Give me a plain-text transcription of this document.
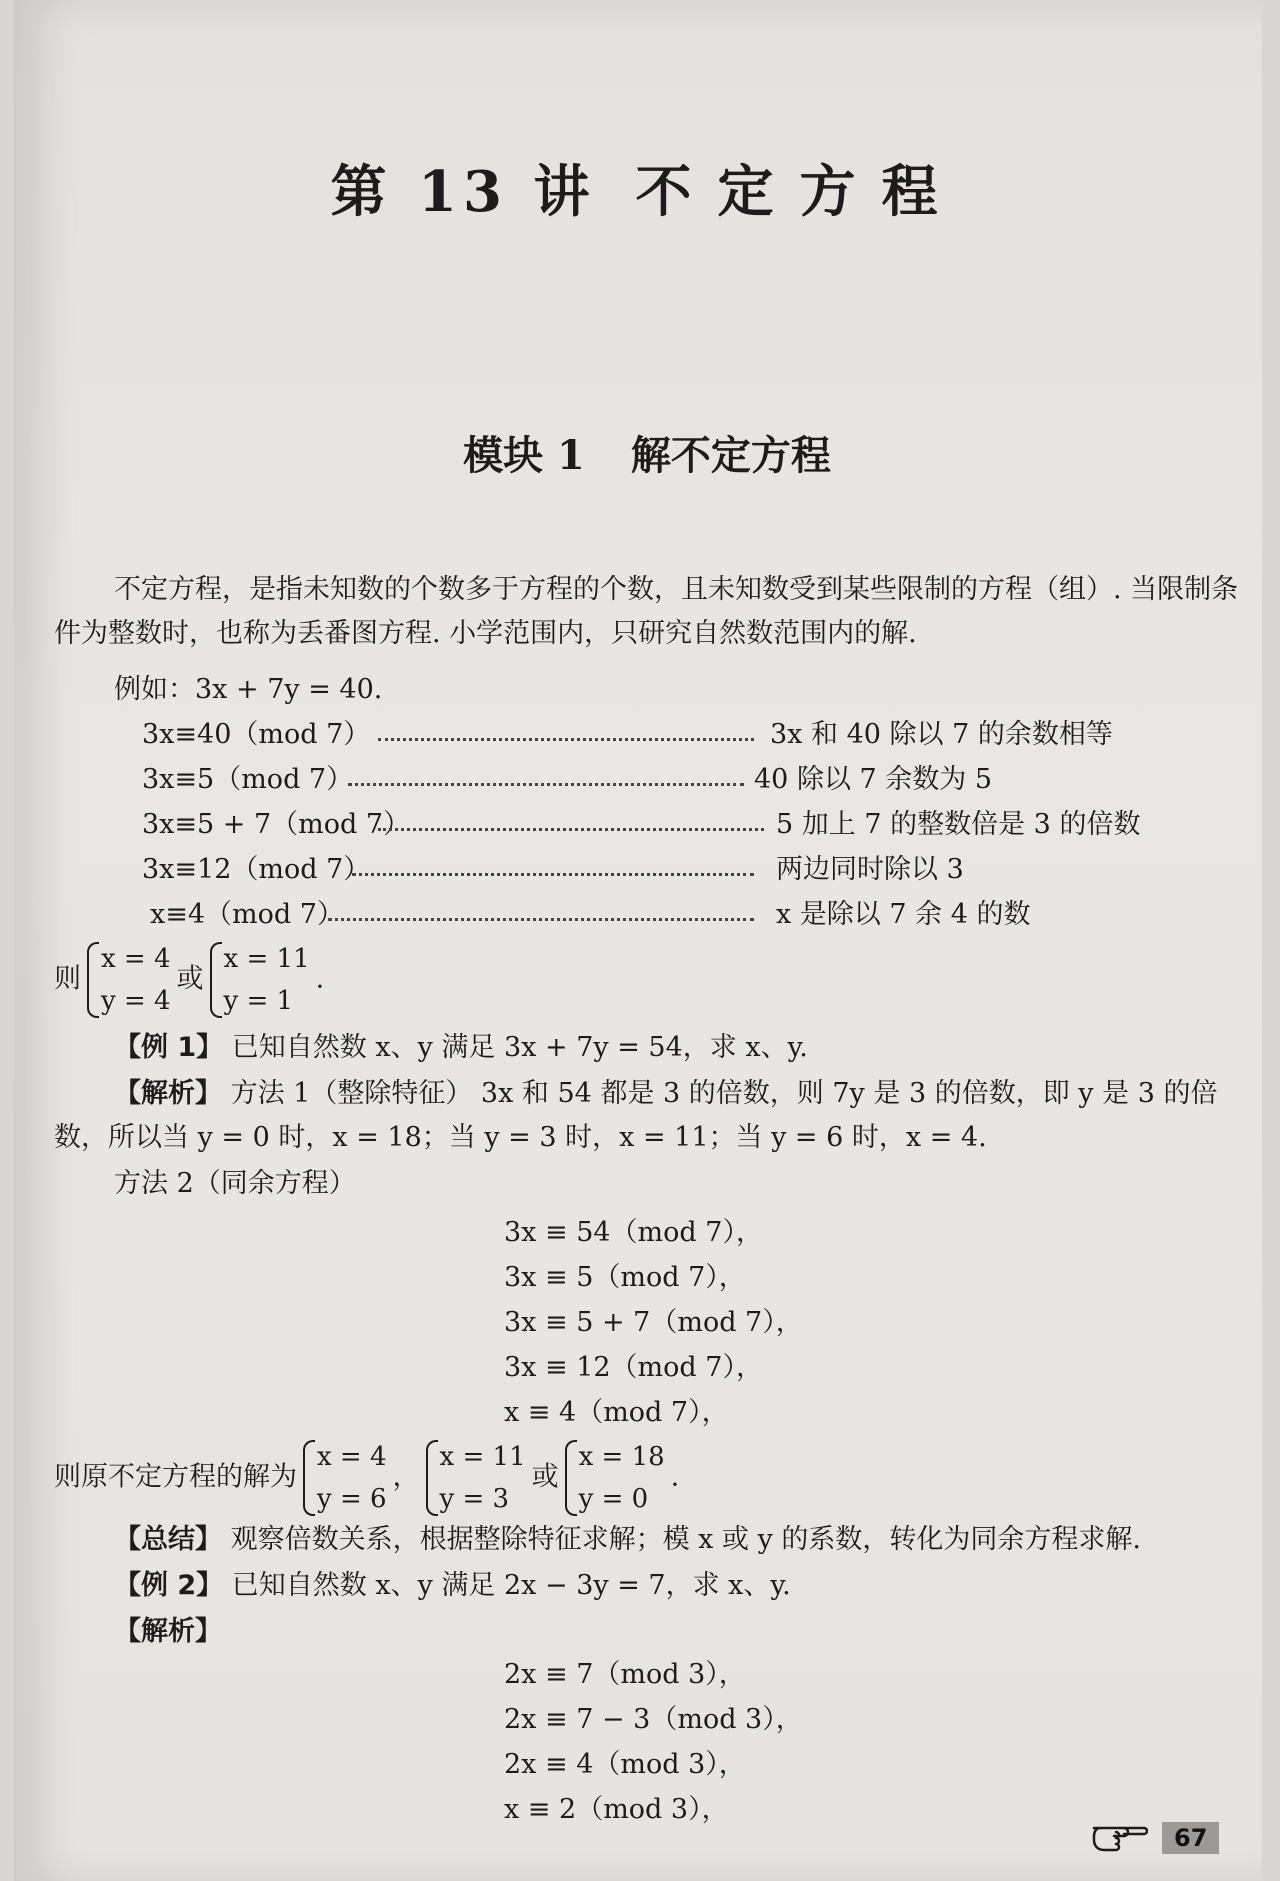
第 13 讲 不定方程
模块 1 解不定方程
不定方程，是指未知数的个数多于方程的个数，且未知数受到某些限制的方程（组）. 当限制条件为整数时，也称为丢番图方程. 小学范围内，只研究自然数范围内的解.
例如：3x + 7y = 40.
3x≡40（mod 7）	3x 和 40 除以 7 的余数相等
3x≡5（mod 7）	40 除以 7 余数为 5
3x≡5 + 7（mod 7）	5 加上 7 的整数倍是 3 的倍数
3x≡12（mod 7）	两边同时除以 3
x≡4（mod 7）	x 是除以 7 余 4 的数
则
x = 4
y = 4
或
x = 11
y = 1
.
【例 1】 已知自然数 x、y 满足 3x + 7y = 54，求 x、y.
【解析】 方法 1（整除特征） 3x 和 54 都是 3 的倍数，则 7y 是 3 的倍数，即 y 是 3 的倍数，所以当 y = 0 时，x = 18；当 y = 3 时，x = 11；当 y = 6 时，x = 4.
方法 2（同余方程）
3x ≡ 54（mod 7），
3x ≡ 5（mod 7），
3x ≡ 5 + 7（mod 7），
3x ≡ 12（mod 7），
x ≡ 4（mod 7），
则原不定方程的解为
x = 4
y = 6
，
x = 11
y = 3
或
x = 18
y = 0
.
【总结】 观察倍数关系，根据整除特征求解；模 x 或 y 的系数，转化为同余方程求解.
【例 2】 已知自然数 x、y 满足 2x − 3y = 7，求 x、y.
【解析】
2x ≡ 7（mod 3），
2x ≡ 7 − 3（mod 3），
2x ≡ 4（mod 3），
x ≡ 2（mod 3），
67
